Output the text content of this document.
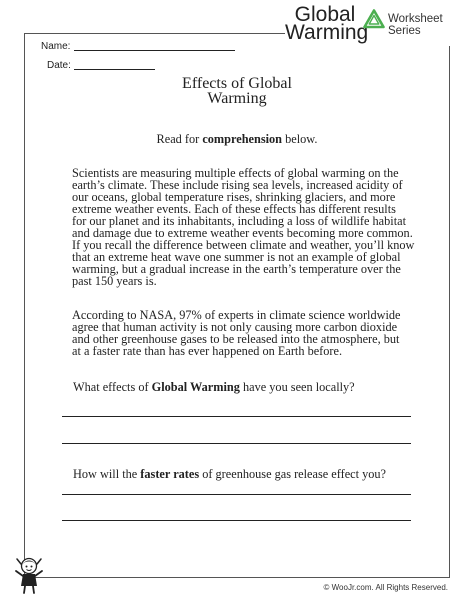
Global
Warming
Worksheet Series
Name:
Date:
Effects of Global
Warming
Read for comprehension below.
Scientists are measuring multiple effects of global warming on the
earth’s climate. These include rising sea levels, increased acidity of
our oceans, global temperature rises, shrinking glaciers, and more
extreme weather events. Each of these effects has different results
for our planet and its inhabitants, including a loss of wildlife habitat
and damage due to extreme weather events becoming more common.
If you recall the difference between climate and weather, you’ll know
that an extreme heat wave one summer is not an example of global
warming, but a gradual increase in the earth’s temperature over the
past 150 years is.
According to NASA, 97% of experts in climate science worldwide
agree that human activity is not only causing more carbon dioxide
and other greenhouse gases to be released into the atmosphere, but
at a faster rate than has ever happened on Earth before.
What effects of Global Warming have you seen locally?
How will the faster rates of greenhouse gas release effect you?
© WooJr.com. All Rights Reserved.
